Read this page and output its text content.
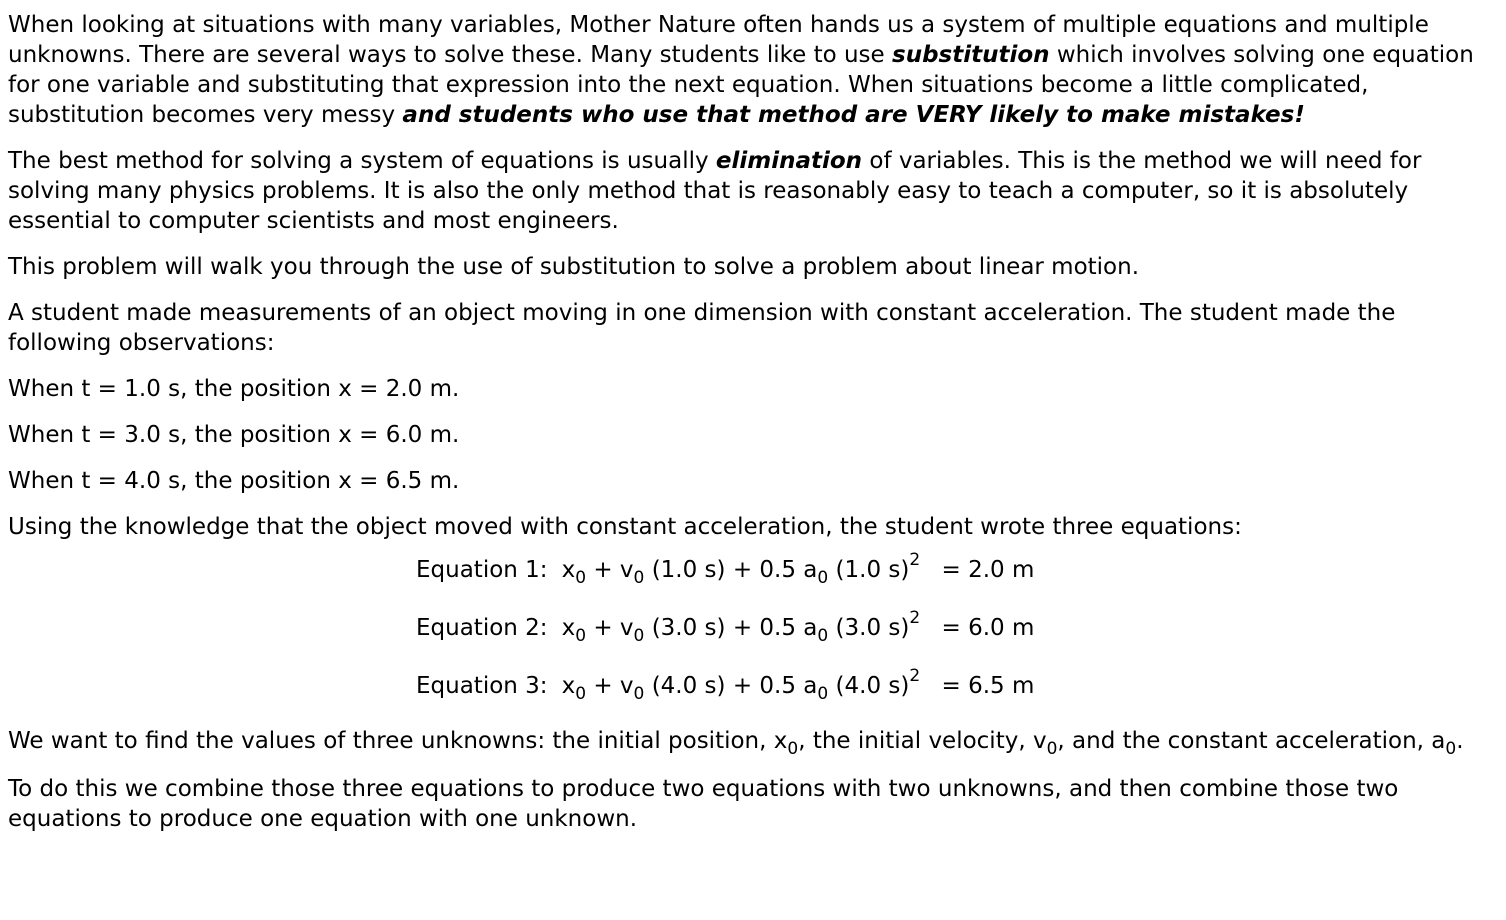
When looking at situations with many variables, Mother Nature often hands us a system of multiple equations and multiple unknowns. There are several ways to solve these. Many students like to use substitution which involves solving one equation for one variable and substituting that expression into the next equation. When situations become a little complicated, substitution becomes very messy and students who use that method are VERY likely to make mistakes!

The best method for solving a system of equations is usually elimination of variables. This is the method we will need for solving many physics problems. It is also the only method that is reasonably easy to teach a computer, so it is absolutely essential to computer scientists and most engineers.

This problem will walk you through the use of substitution to solve a problem about linear motion.

A student made measurements of an object moving in one dimension with constant acceleration. The student made the following observations:

When t = 1.0 s, the position x = 2.0 m.

When t = 3.0 s, the position x = 6.0 m.

When t = 4.0 s, the position x = 6.5 m.

Using the knowledge that the object moved with constant acceleration, the student wrote three equations:

Equation 1: $x_0 + v_0$ (1.0 s) + 0.5 $a_0$ (1.0 s)$^2$ = 2.0 m
Equation 2: $x_0 + v_0$ (3.0 s) + 0.5 $a_0$ (3.0 s)$^2$ = 6.0 m
Equation 3: $x_0 + v_0$ (4.0 s) + 0.5 $a_0$ (4.0 s)$^2$ = 6.5 m

We want to find the values of three unknowns: the initial position, $x_0$, the initial velocity, $v_0$, and the constant acceleration, $a_0$.

To do this we combine those three equations to produce two equations with two unknowns, and then combine those two equations to produce one equation with one unknown.
